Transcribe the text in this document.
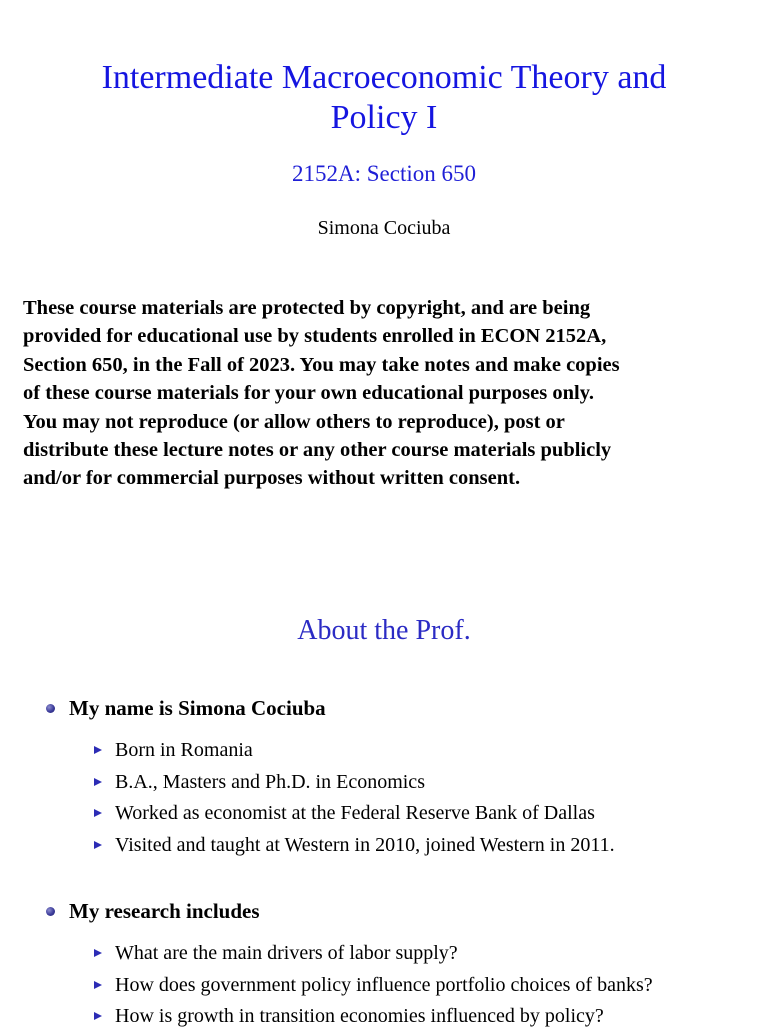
Intermediate Macroeconomic Theory and
Policy I
2152A: Section 650
Simona Cociuba
These course materials are protected by copyright, and are being
provided for educational use by students enrolled in ECON 2152A,
Section 650, in the Fall of 2023. You may take notes and make copies
of these course materials for your own educational purposes only.
You may not reproduce (or allow others to reproduce), post or
distribute these lecture notes or any other course materials publicly
and/or for commercial purposes without written consent.
About the Prof.
My name is Simona Cociuba
Born in Romania
B.A., Masters and Ph.D. in Economics
Worked as economist at the Federal Reserve Bank of Dallas
Visited and taught at Western in 2010, joined Western in 2011.
My research includes
What are the main drivers of labor supply?
How does government policy influence portfolio choices of banks?
How is growth in transition economies influenced by policy?
